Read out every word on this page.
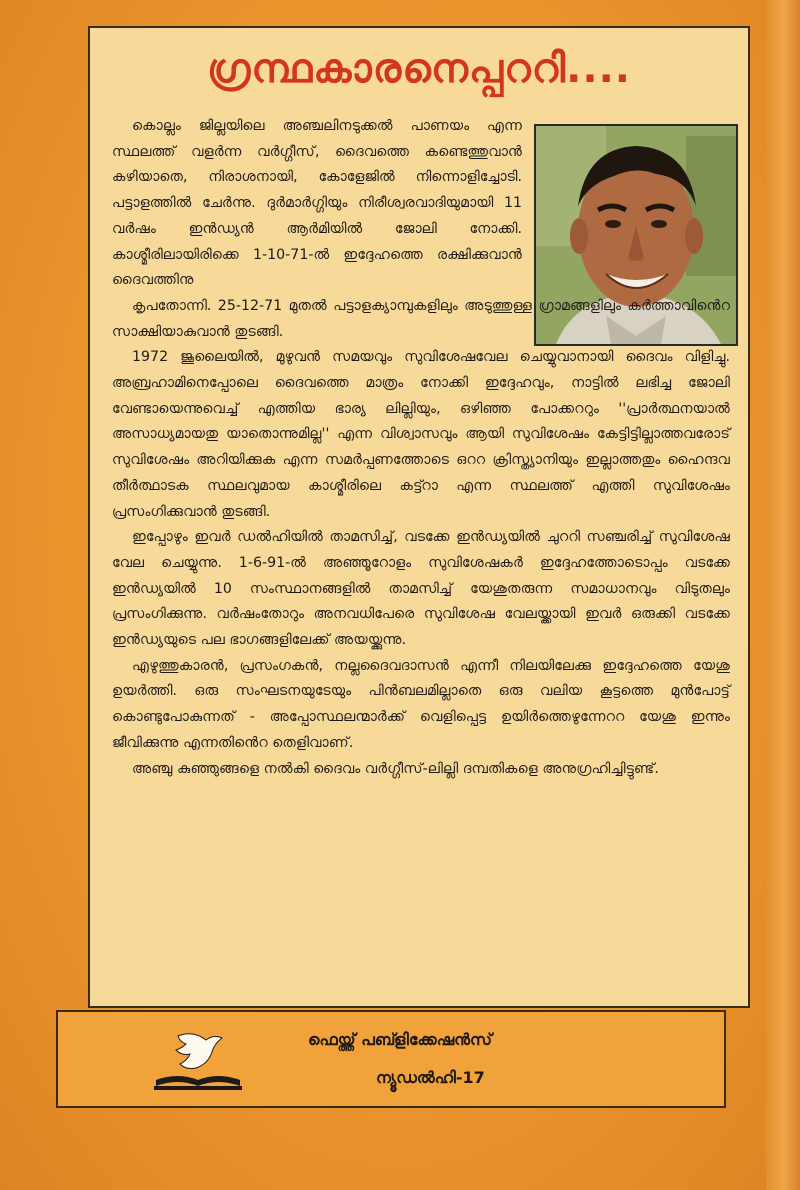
ഗ്രന്ഥകാരനെപ്പററി....
കൊല്ലം ജില്ലയിലെ അഞ്ചലിനടുക്കൽ പാണയം എന്ന സ്ഥലത്ത് വളർന്ന വർഗ്ഗീസ്, ദൈവത്തെ കണ്ടെത്തുവാൻ കഴിയാതെ, നിരാശനായി, കോളേജിൽ നിന്നൊളിച്ചോടി. പട്ടാളത്തിൽ ചേർന്നു. ദുർമാർഗ്ഗിയും നിരീശ്വരവാദിയുമായി 11 വർഷം ഇൻഡ്യൻ ആർമിയിൽ ജോലി നോക്കി. കാശ്മീരിലായിരിക്കെ 1-10-71-ൽ ഇദ്ദേഹത്തെ രക്ഷിക്കുവാൻ ദൈവത്തിനു
കൃപതോന്നി. 25-12-71 മുതൽ പട്ടാളക്യാമ്പുകളിലും അടുത്തുള്ള ഗ്രാമങ്ങളിലും കർത്താവിൻെറ സാക്ഷിയാകുവാൻ തുടങ്ങി.
1972 ജൂലൈയിൽ, മുഴുവൻ സമയവും സുവിശേഷവേല ചെയ്യുവാനായി ദൈവം വിളിച്ചു. അബ്രഹാമിനെപ്പോലെ ദൈവത്തെ മാത്രം നോക്കി ഇദ്ദേഹവും, നാട്ടിൽ ലഭിച്ച ജോലി വേണ്ടായെന്നുവെച്ച് എത്തിയ ഭാര്യ ലില്ലിയും, ഒഴിഞ്ഞ പോക്കററും ''പ്രാർത്ഥനയാൽ അസാധ്യമായതു യാതൊന്നുമില്ല'' എന്ന വിശ്വാസവും ആയി സുവിശേഷം കേട്ടിട്ടില്ലാത്തവരോട് സുവിശേഷം അറിയിക്കുക എന്ന സമർപ്പണത്തോടെ ഒററ ക്രിസ്ത്യാനിയും ഇല്ലാത്തതും ഹൈന്ദവ തീർത്ഥാടക സ്ഥലവുമായ കാശ്മീരിലെ കട്ട്റാ എന്ന സ്ഥലത്ത് എത്തി സുവിശേഷം പ്രസംഗിക്കുവാൻ തുടങ്ങി.
ഇപ്പോഴും ഇവർ ഡൽഹിയിൽ താമസിച്ച്, വടക്കേ ഇൻഡ്യയിൽ ചുററി സഞ്ചരിച്ച് സുവിശേഷ വേല ചെയ്യുന്നു. 1-6-91-ൽ അഞ്ഞൂറോളം സുവിശേഷകർ ഇദ്ദേഹത്തോടൊപ്പം വടക്കേ ഇൻഡ്യയിൽ 10 സംസ്ഥാനങ്ങളിൽ താമസിച്ച് യേശുതരുന്ന സമാധാനവും വിടുതലും പ്രസംഗിക്കുന്നു. വർഷംതോറും അനവധിപേരെ സുവിശേഷ വേലയ്ക്കായി ഇവർ ഒരുക്കി വടക്കേ ഇൻഡ്യയുടെ പല ഭാഗങ്ങളിലേക്ക് അയയ്ക്കുന്നു.
എഴുത്തുകാരൻ, പ്രസംഗകൻ, നല്ലദൈവദാസൻ എന്നീ നിലയിലേക്കു ഇദ്ദേഹത്തെ യേശു ഉയർത്തി. ഒരു സംഘടനയുടേയും പിൻബലമില്ലാതെ ഒരു വലിയ കൂട്ടത്തെ മുൻപോട്ട് കൊണ്ടുപോകുന്നത് - അപ്പോസ്ഥലന്മാർക്ക് വെളിപ്പെട്ട ഉയിർത്തെഴുന്നേററ യേശു ഇന്നും ജീവിക്കുന്നു എന്നതിൻെറ തെളിവാണ്.
അഞ്ചു കുഞ്ഞുങ്ങളെ നൽകി ദൈവം വർഗ്ഗീസ്-ലില്ലി ദമ്പതികളെ അനുഗ്രഹിച്ചിട്ടുണ്ട്.
ഫെയ്ത്ത് പബ്ളിക്കേഷൻസ്
ന്യൂഡൽഹി-17
